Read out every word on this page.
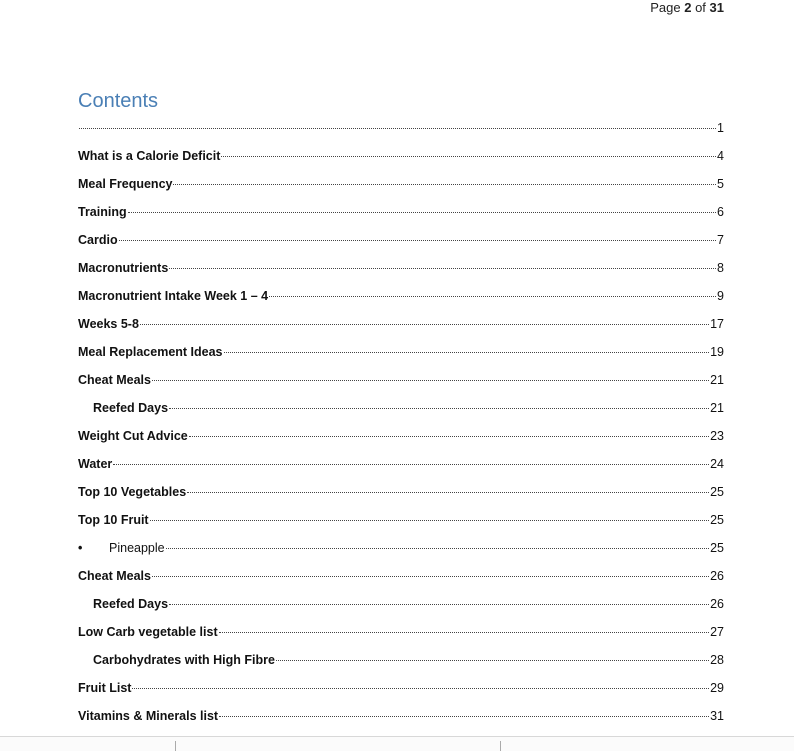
Page 2 of 31
Contents
1
What is a Calorie Deficit	4
Meal Frequency	5
Training	6
Cardio	7
Macronutrients	8
Macronutrient Intake Week 1 – 4	9
Weeks 5-8	17
Meal Replacement Ideas	19
Cheat Meals	21
Reefed Days	21
Weight Cut Advice	23
Water	24
Top 10 Vegetables	25
Top 10 Fruit	25
•	Pineapple	25
Cheat Meals	26
Reefed Days	26
Low Carb vegetable list	27
Carbohydrates with High Fibre	28
Fruit List	29
Vitamins & Minerals list	31
